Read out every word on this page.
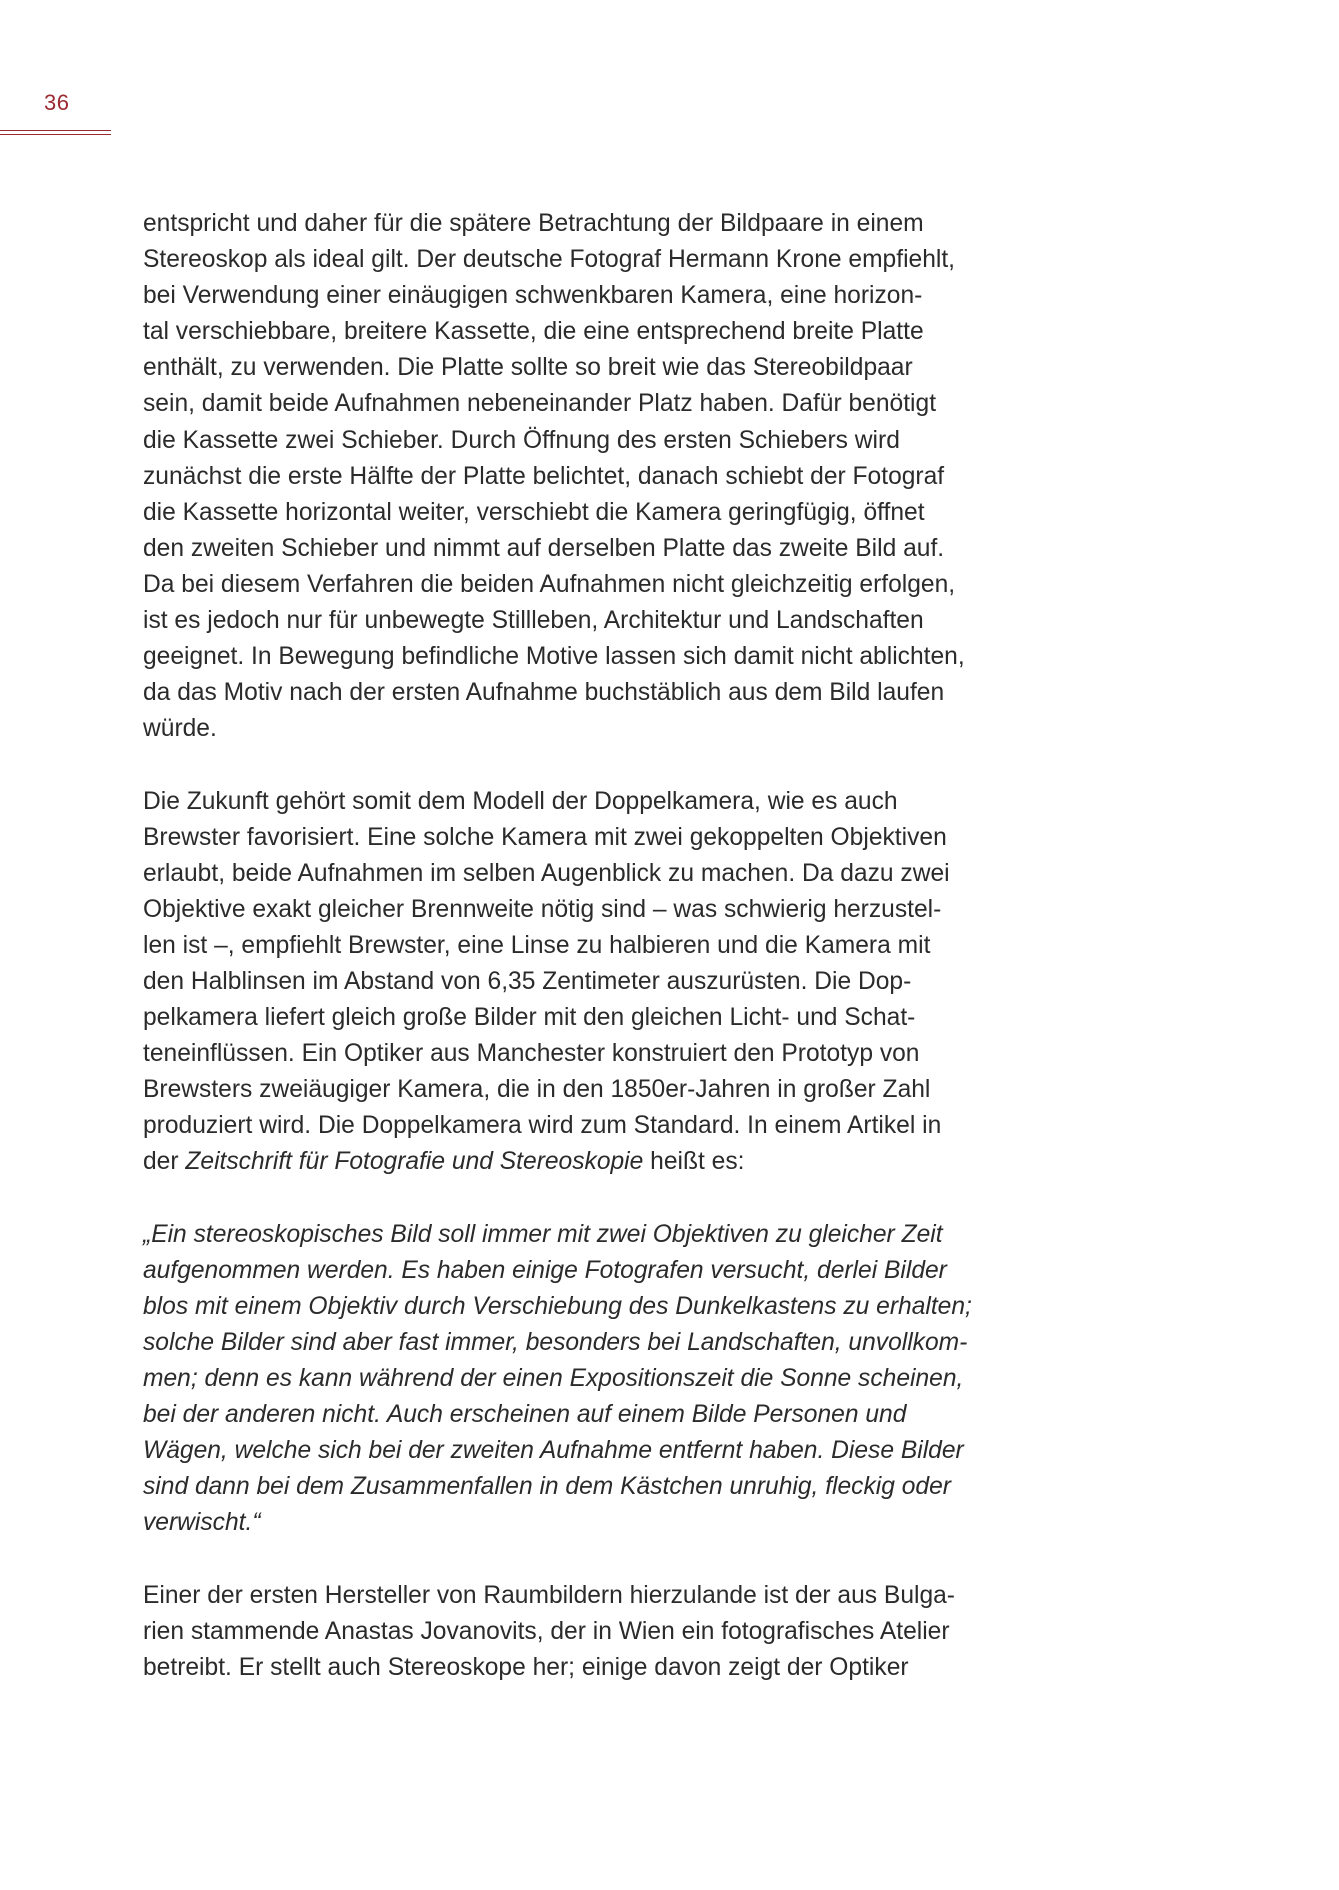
36

entspricht und daher für die spätere Betrachtung der Bildpaare in einem
Stereoskop als ideal gilt. Der deutsche Fotograf Hermann Krone empfiehlt,
bei Verwendung einer einäugigen schwenkbaren Kamera, eine horizon-
tal verschiebbare, breitere Kassette, die eine entsprechend breite Platte
enthält, zu verwenden. Die Platte sollte so breit wie das Stereobildpaar
sein, damit beide Aufnahmen nebeneinander Platz haben. Dafür benötigt
die Kassette zwei Schieber. Durch Öffnung des ersten Schiebers wird
zunächst die erste Hälfte der Platte belichtet, danach schiebt der Fotograf
die Kassette horizontal weiter, verschiebt die Kamera geringfügig, öffnet
den zweiten Schieber und nimmt auf derselben Platte das zweite Bild auf.
Da bei diesem Verfahren die beiden Aufnahmen nicht gleichzeitig erfolgen,
ist es jedoch nur für unbewegte Stillleben, Architektur und Landschaften
geeignet. In Bewegung befindliche Motive lassen sich damit nicht ablichten,
da das Motiv nach der ersten Aufnahme buchstäblich aus dem Bild laufen
würde.

Die Zukunft gehört somit dem Modell der Doppelkamera, wie es auch
Brewster favorisiert. Eine solche Kamera mit zwei gekoppelten Objektiven
erlaubt, beide Aufnahmen im selben Augenblick zu machen. Da dazu zwei
Objektive exakt gleicher Brennweite nötig sind – was schwierig herzustel-
len ist –, empfiehlt Brewster, eine Linse zu halbieren und die Kamera mit
den Halblinsen im Abstand von 6,35 Zentimeter auszurüsten. Die Dop-
pelkamera liefert gleich große Bilder mit den gleichen Licht- und Schat-
teneinflüssen. Ein Optiker aus Manchester konstruiert den Prototyp von
Brewsters zweiäugiger Kamera, die in den 1850er-Jahren in großer Zahl
produziert wird. Die Doppelkamera wird zum Standard. In einem Artikel in
der Zeitschrift für Fotografie und Stereoskopie heißt es:

„Ein stereoskopisches Bild soll immer mit zwei Objektiven zu gleicher Zeit
aufgenommen werden. Es haben einige Fotografen versucht, derlei Bilder
blos mit einem Objektiv durch Verschiebung des Dunkelkastens zu erhalten;
solche Bilder sind aber fast immer, besonders bei Landschaften, unvollkom-
men; denn es kann während der einen Expositionszeit die Sonne scheinen,
bei der anderen nicht. Auch erscheinen auf einem Bilde Personen und
Wägen, welche sich bei der zweiten Aufnahme entfernt haben. Diese Bilder
sind dann bei dem Zusammenfallen in dem Kästchen unruhig, fleckig oder
verwischt.“

Einer der ersten Hersteller von Raumbildern hierzulande ist der aus Bulga-
rien stammende Anastas Jovanovits, der in Wien ein fotografisches Atelier
betreibt. Er stellt auch Stereoskope her; einige davon zeigt der Optiker
